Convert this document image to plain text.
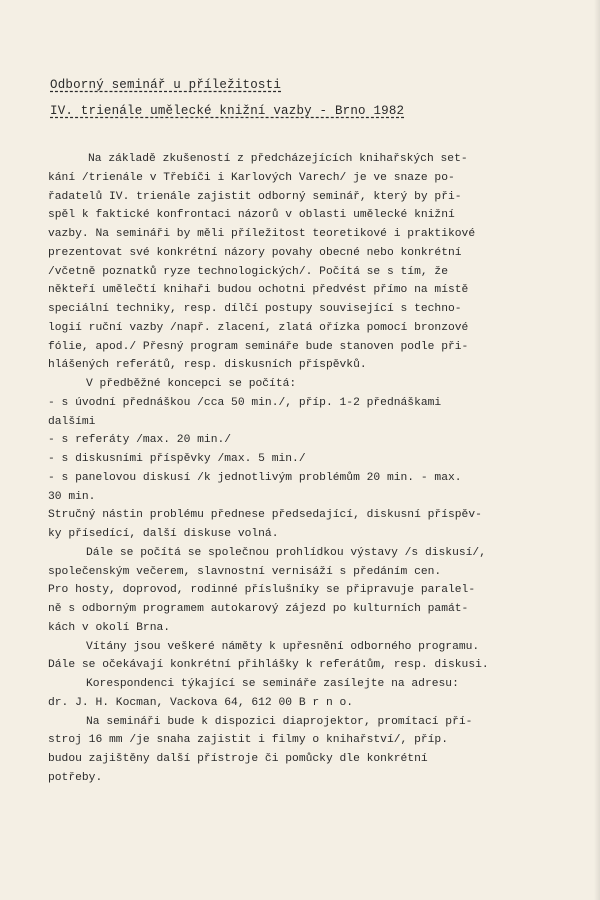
Odborný seminář u příležitosti

IV. trienále umělecké knižní vazby - Brno 1982

Na základě zkušeností z předcházejících knihařských set-
kání /trienále v Třebíči i Karlových Varech/ je ve snaze po-
řadatelů IV. trienále zajistit odborný seminář, který by při-
spěl k faktické konfrontaci názorů v oblasti umělecké knižní
vazby. Na semináři by měli příležitost teoretikové i praktikové
prezentovat své konkrétní názory povahy obecné nebo konkrétní
/včetně poznatků ryze technologických/. Počítá se s tím, že
někteří umělečtí knihaři budou ochotni předvést přímo na místě
speciální techniky, resp. dílčí postupy související s techno-
logií ruční vazby /např. zlacení, zlatá ořízka pomocí bronzové
fólie, apod./ Přesný program semináře bude stanoven podle při-
hlášených referátů, resp. diskusních příspěvků.
V předběžné koncepci se počítá:
- s úvodní přednáškou /cca 50 min./, příp. 1-2 přednáškami
dalšími
- s referáty /max. 20 min./
- s diskusními příspěvky /max. 5 min./
- s panelovou diskusí /k jednotlivým problémům 20 min. - max.
30 min.
Stručný nástin problému přednese předsedající, diskusní příspěv-
ky přísedící, další diskuse volná.
Dále se počítá se společnou prohlídkou výstavy /s diskusí/,
společenským večerem, slavnostní vernisáží s předáním cen.
Pro hosty, doprovod, rodinné příslušníky se připravuje paralel-
ně s odborným programem autokarový zájezd po kulturních památ-
kách v okolí Brna.
Vítány jsou veškeré náměty k upřesnění odborného programu.
Dále se očekávají konkrétní přihlášky k referátům, resp. diskusi.
Korespondenci týkající se semináře zasílejte na adresu:
dr. J. H. Kocman, Vackova 64, 612 00 B r n o.
Na semináři bude k dispozici diaprojektor, promítací pří-
stroj 16 mm /je snaha zajistit i filmy o knihařství/, příp.
budou zajištěny další přístroje či pomůcky dle konkrétní
potřeby.
